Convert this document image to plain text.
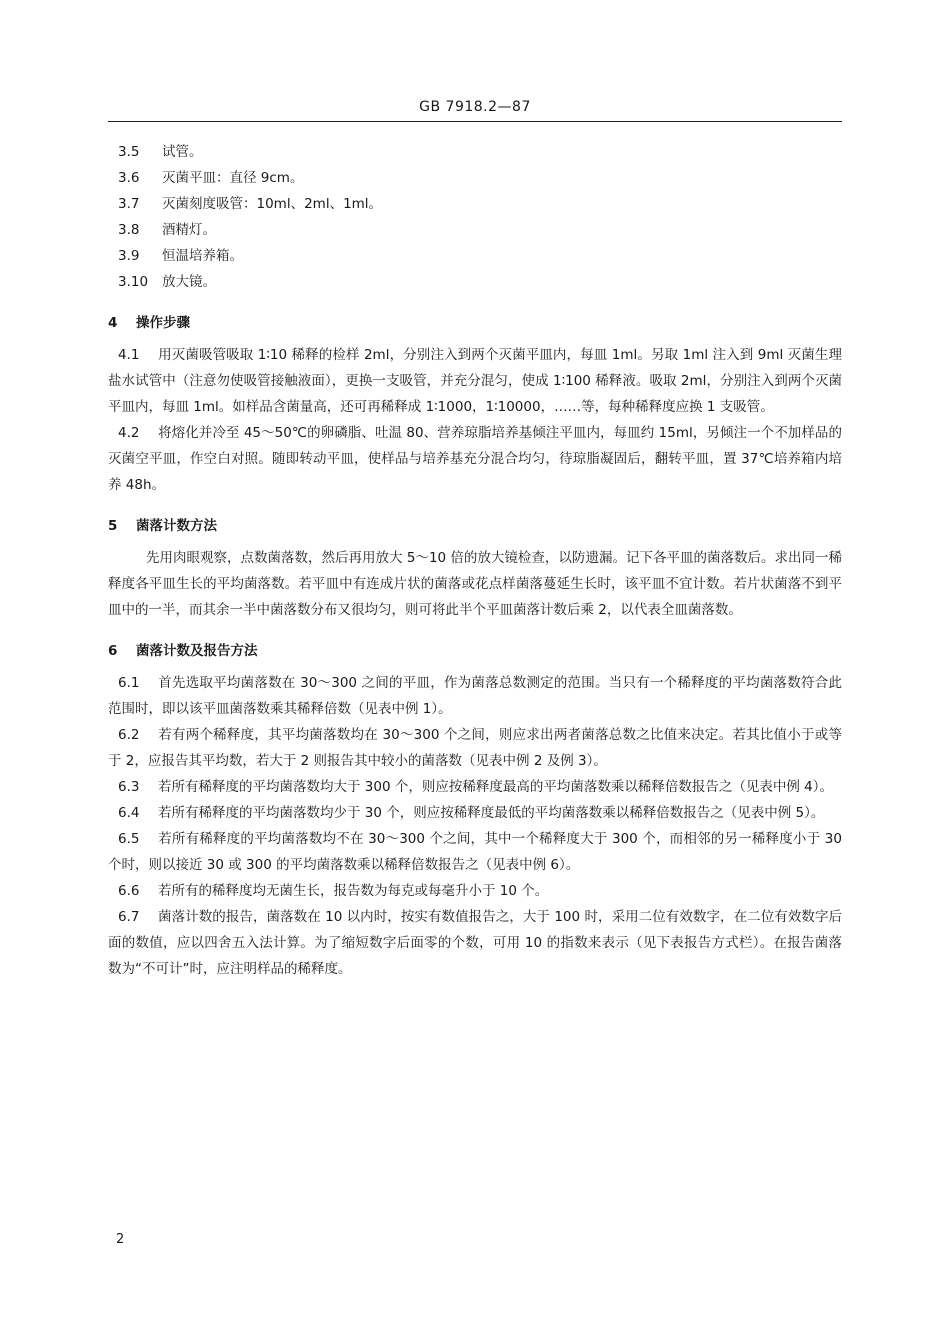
GB 7918.2—87
3.5 试管。
3.6 灭菌平皿：直径 9cm。
3.7 灭菌刻度吸管：10ml、2ml、1ml。
3.8 酒精灯。
3.9 恒温培养箱。
3.10 放大镜。
4 操作步骤

4.1 用灭菌吸管吸取 1∶10 稀释的检样 2ml，分别注入到两个灭菌平皿内，每皿 1ml。另取 1ml 注入到 9ml 灭菌生理盐水试管中（注意勿使吸管接触液面），更换一支吸管，并充分混匀，使成 1∶100 稀释液。吸取 2ml，分别注入到两个灭菌平皿内，每皿 1ml。如样品含菌量高，还可再稀释成 1∶1000，1∶10000，……等，每种稀释度应换 1 支吸管。

4.2 将熔化并冷至 45～50℃的卵磷脂、吐温 80、营养琼脂培养基倾注平皿内，每皿约 15ml，另倾注一个不加样品的灭菌空平皿，作空白对照。随即转动平皿，使样品与培养基充分混合均匀，待琼脂凝固后，翻转平皿，置 37℃培养箱内培养 48h。

5 菌落计数方法

先用肉眼观察，点数菌落数，然后再用放大 5～10 倍的放大镜检查，以防遗漏。记下各平皿的菌落数后。求出同一稀释度各平皿生长的平均菌落数。若平皿中有连成片状的菌落或花点样菌落蔓延生长时，该平皿不宜计数。若片状菌落不到平皿中的一半，而其余一半中菌落数分布又很均匀，则可将此半个平皿菌落计数后乘 2，以代表全皿菌落数。

6 菌落计数及报告方法

6.1 首先选取平均菌落数在 30～300 之间的平皿，作为菌落总数测定的范围。当只有一个稀释度的平均菌落数符合此范围时，即以该平皿菌落数乘其稀释倍数（见表中例 1）。

6.2 若有两个稀释度，其平均菌落数均在 30～300 个之间，则应求出两者菌落总数之比值来决定。若其比值小于或等于 2，应报告其平均数，若大于 2 则报告其中较小的菌落数（见表中例 2 及例 3）。

6.3 若所有稀释度的平均菌落数均大于 300 个，则应按稀释度最高的平均菌落数乘以稀释倍数报告之（见表中例 4）。

6.4 若所有稀释度的平均菌落数均少于 30 个，则应按稀释度最低的平均菌落数乘以稀释倍数报告之（见表中例 5）。

6.5 若所有稀释度的平均菌落数均不在 30～300 个之间，其中一个稀释度大于 300 个，而相邻的另一稀释度小于 30 个时，则以接近 30 或 300 的平均菌落数乘以稀释倍数报告之（见表中例 6）。

6.6 若所有的稀释度均无菌生长，报告数为每克或每毫升小于 10 个。

6.7 菌落计数的报告，菌落数在 10 以内时，按实有数值报告之，大于 100 时，采用二位有效数字，在二位有效数字后面的数值，应以四舍五入法计算。为了缩短数字后面零的个数，可用 10 的指数来表示（见下表报告方式栏）。在报告菌落数为“不可计”时，应注明样品的稀释度。

2
